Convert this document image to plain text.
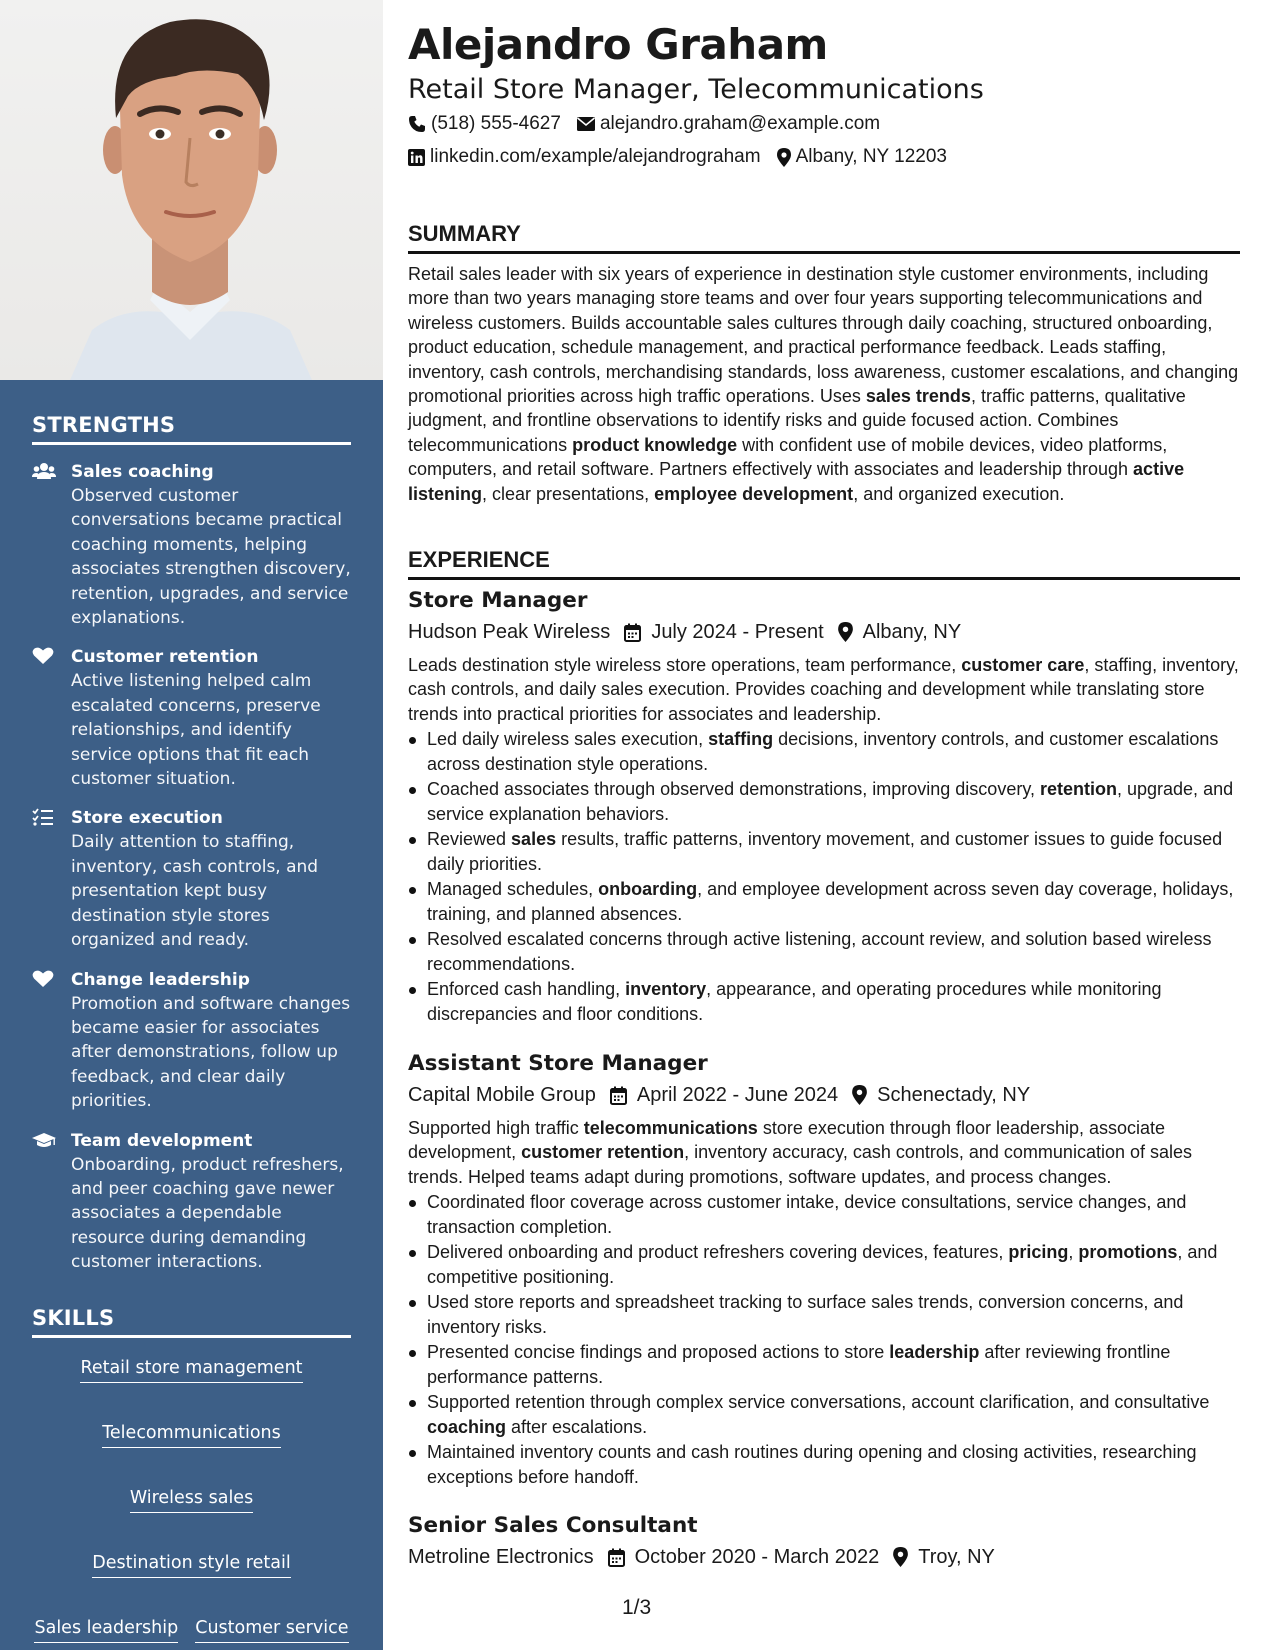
STRENGTHS
Sales coaching
Observed customer conversations became practical coaching moments, helping associates strengthen discovery, retention, upgrades, and service explanations.
Customer retention
Active listening helped calm escalated concerns, preserve relationships, and identify service options that fit each customer situation.
Store execution
Daily attention to staffing, inventory, cash controls, and presentation kept busy destination style stores organized and ready.
Change leadership
Promotion and software changes became easier for associates after demonstrations, follow up feedback, and clear daily priorities.
Team development
Onboarding, product refreshers, and peer coaching gave newer associates a dependable resource during demanding customer interactions.
SKILLS
Retail store management
Telecommunications
Wireless sales
Destination style retail
Sales leadership Customer service
Alejandro Graham
Retail Store Manager, Telecommunications
(518) 555-4627 alejandro.graham@example.com
linkedin.com/example/alejandrograham Albany, NY 12203
SUMMARY
Retail sales leader with six years of experience in destination style customer environments, including more than two years managing store teams and over four years supporting telecommunications and wireless customers. Builds accountable sales cultures through daily coaching, structured onboarding, product education, schedule management, and practical performance feedback. Leads staffing, inventory, cash controls, merchandising standards, loss awareness, customer escalations, and changing promotional priorities across high traffic operations. Uses sales trends, traffic patterns, qualitative judgment, and frontline observations to identify risks and guide focused action. Combines telecommunications product knowledge with confident use of mobile devices, video platforms, computers, and retail software. Partners effectively with associates and leadership through active listening, clear presentations, employee development, and organized execution.
EXPERIENCE
Store Manager
Hudson Peak Wireless July 2024 - Present Albany, NY
Leads destination style wireless store operations, team performance, customer care, staffing, inventory, cash controls, and daily sales execution. Provides coaching and development while translating store trends into practical priorities for associates and leadership.
Led daily wireless sales execution, staffing decisions, inventory controls, and customer escalations across destination style operations.
Coached associates through observed demonstrations, improving discovery, retention, upgrade, and service explanation behaviors.
Reviewed sales results, traffic patterns, inventory movement, and customer issues to guide focused daily priorities.
Managed schedules, onboarding, and employee development across seven day coverage, holidays, training, and planned absences.
Resolved escalated concerns through active listening, account review, and solution based wireless recommendations.
Enforced cash handling, inventory, appearance, and operating procedures while monitoring discrepancies and floor conditions.
Assistant Store Manager
Capital Mobile Group April 2022 - June 2024 Schenectady, NY
Supported high traffic telecommunications store execution through floor leadership, associate development, customer retention, inventory accuracy, cash controls, and communication of sales trends. Helped teams adapt during promotions, software updates, and process changes.
Coordinated floor coverage across customer intake, device consultations, service changes, and transaction completion.
Delivered onboarding and product refreshers covering devices, features, pricing, promotions, and competitive positioning.
Used store reports and spreadsheet tracking to surface sales trends, conversion concerns, and inventory risks.
Presented concise findings and proposed actions to store leadership after reviewing frontline performance patterns.
Supported retention through complex service conversations, account clarification, and consultative coaching after escalations.
Maintained inventory counts and cash routines during opening and closing activities, researching exceptions before handoff.
Senior Sales Consultant
Metroline Electronics October 2020 - March 2022 Troy, NY
1/3
